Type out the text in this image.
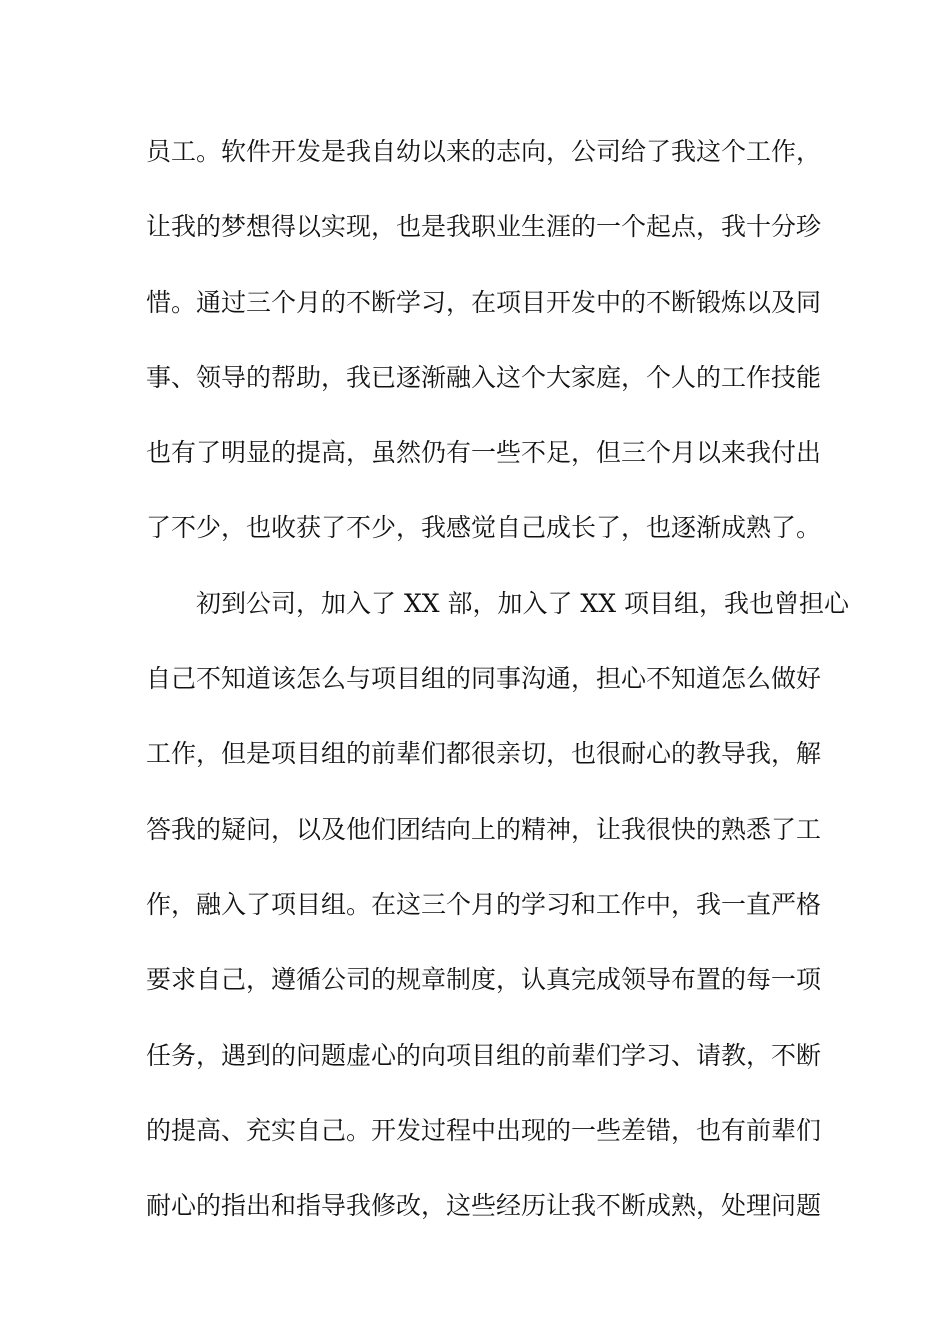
员工。软件开发是我自幼以来的志向，公司给了我这个工作，
让我的梦想得以实现，也是我职业生涯的一个起点，我十分珍
惜。通过三个月的不断学习，在项目开发中的不断锻炼以及同
事、领导的帮助，我已逐渐融入这个大家庭，个人的工作技能
也有了明显的提高，虽然仍有一些不足，但三个月以来我付出
了不少，也收获了不少，我感觉自己成长了，也逐渐成熟了。
初到公司，加入了 XX 部，加入了 XX 项目组，我也曾担心
自己不知道该怎么与项目组的同事沟通，担心不知道怎么做好
工作，但是项目组的前辈们都很亲切，也很耐心的教导我，解
答我的疑问，以及他们团结向上的精神，让我很快的熟悉了工
作，融入了项目组。在这三个月的学习和工作中，我一直严格
要求自己，遵循公司的规章制度，认真完成领导布置的每一项
任务，遇到的问题虚心的向项目组的前辈们学习、请教，不断
的提高、充实自己。开发过程中出现的一些差错，也有前辈们
耐心的指出和指导我修改，这些经历让我不断成熟，处理问题
